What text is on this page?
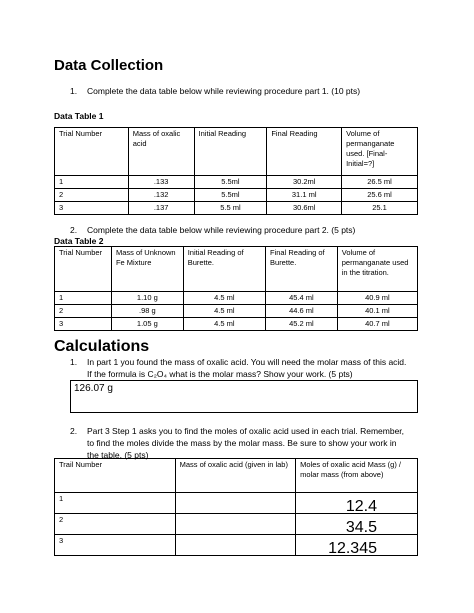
Data Collection
1. Complete the data table below while reviewing procedure part 1. (10 pts)
Data Table 1
Trial Number	Mass of oxalic acid	Initial Reading	Final Reading	Volume of permanganate used. [Final-Initial=?]
1	.133	5.5ml	30.2ml	26.5 ml
2	.132	5.5ml	31.1 ml	25.6 ml
3	.137	5.5 ml	30.6ml	25.1
2. Complete the data table below while reviewing procedure part 2. (5 pts)
Data Table 2
Trial Number	Mass of Unknown Fe Mixture	Initial Reading of Burette.	Final Reading of Burette.	Volume of permanganate used in the titration.
1	1.10 g	4.5 ml	45.4 ml	40.9 ml
2	.98 g	4.5 ml	44.6 ml	40.1 ml
3	1.05 g	4.5 ml	45.2 ml	40.7 ml
Calculations
1. In part 1 you found the mass of oxalic acid. You will need the molar mass of this acid.
If the formula is C₂O₄ what is the molar mass? Show your work. (5 pts)
126.07 g
2. Part 3 Step 1 asks you to find the moles of oxalic acid used in each trial. Remember,
to find the moles divide the mass by the molar mass. Be sure to show your work in
the table. (5 pts)
Trail Number	Mass of oxalic acid (given in lab)	Moles of oxalic acid Mass (g) / molar mass (from above)
1		12.4
2		34.5
3		12.345
